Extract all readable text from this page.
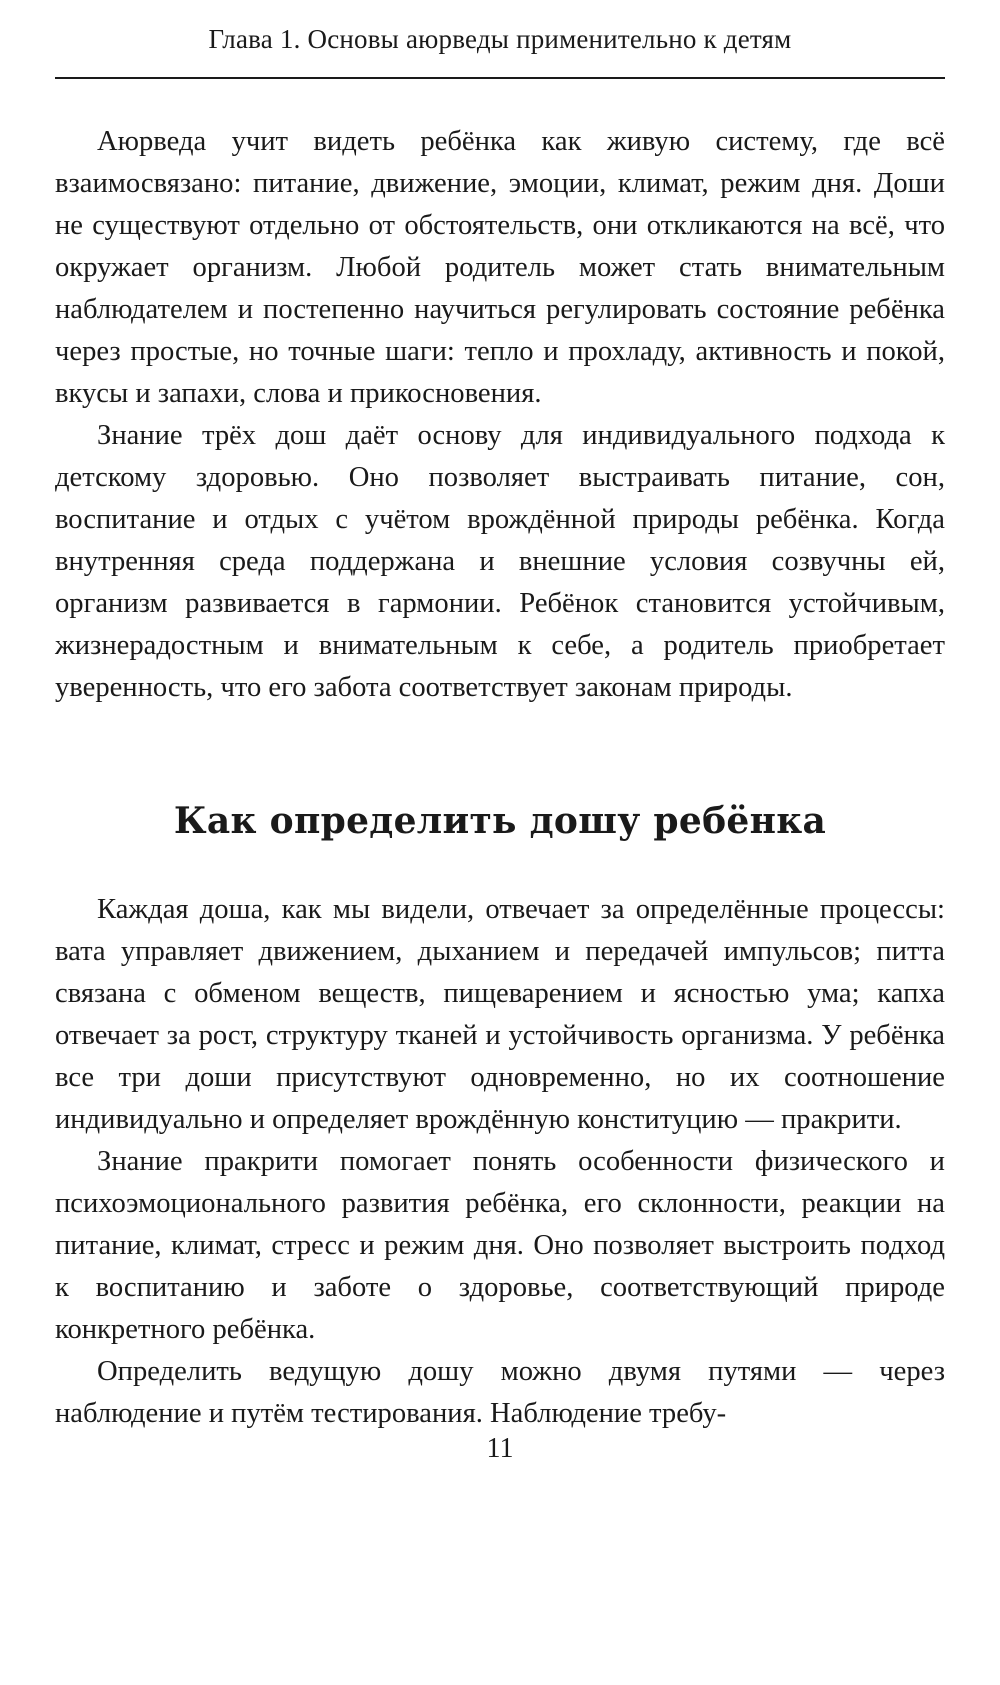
Глава 1. Основы аюрведы применительно к детям

Аюрведа учит видеть ребёнка как живую систему, где всё взаимосвязано: питание, движение, эмоции, климат, режим дня. Доши не существуют отдельно от обстоятельств, они откликаются на всё, что окружает организм. Любой родитель может стать внимательным наблюдателем и постепенно научиться регулировать состояние ребёнка через простые, но точные шаги: тепло и прохладу, активность и покой, вкусы и запахи, слова и прикосновения.

Знание трёх дош даёт основу для индивидуального подхода к детскому здоровью. Оно позволяет выстраивать питание, сон, воспитание и отдых с учётом врождённой природы ребёнка. Когда внутренняя среда поддержана и внешние условия созвучны ей, организм развивается в гармонии. Ребёнок становится устойчивым, жизнерадостным и внимательным к себе, а родитель приобретает уверенность, что его забота соответствует законам природы.

Как определить дошу ребёнка

Каждая доша, как мы видели, отвечает за определённые процессы: вата управляет движением, дыханием и передачей импульсов; питта связана с обменом веществ, пищеварением и ясностью ума; капха отвечает за рост, структуру тканей и устойчивость организма. У ребёнка все три доши присутствуют одновременно, но их соотношение индивидуально и определяет врождённую конституцию — пракрити.

Знание пракрити помогает понять особенности физического и психоэмоционального развития ребёнка, его склонности, реакции на питание, климат, стресс и режим дня. Оно позволяет выстроить подход к воспитанию и заботе о здоровье, соответствующий природе конкретного ребёнка.

Определить ведущую дошу можно двумя путями — через наблюдение и путём тестирования. Наблюдение требу-

11
